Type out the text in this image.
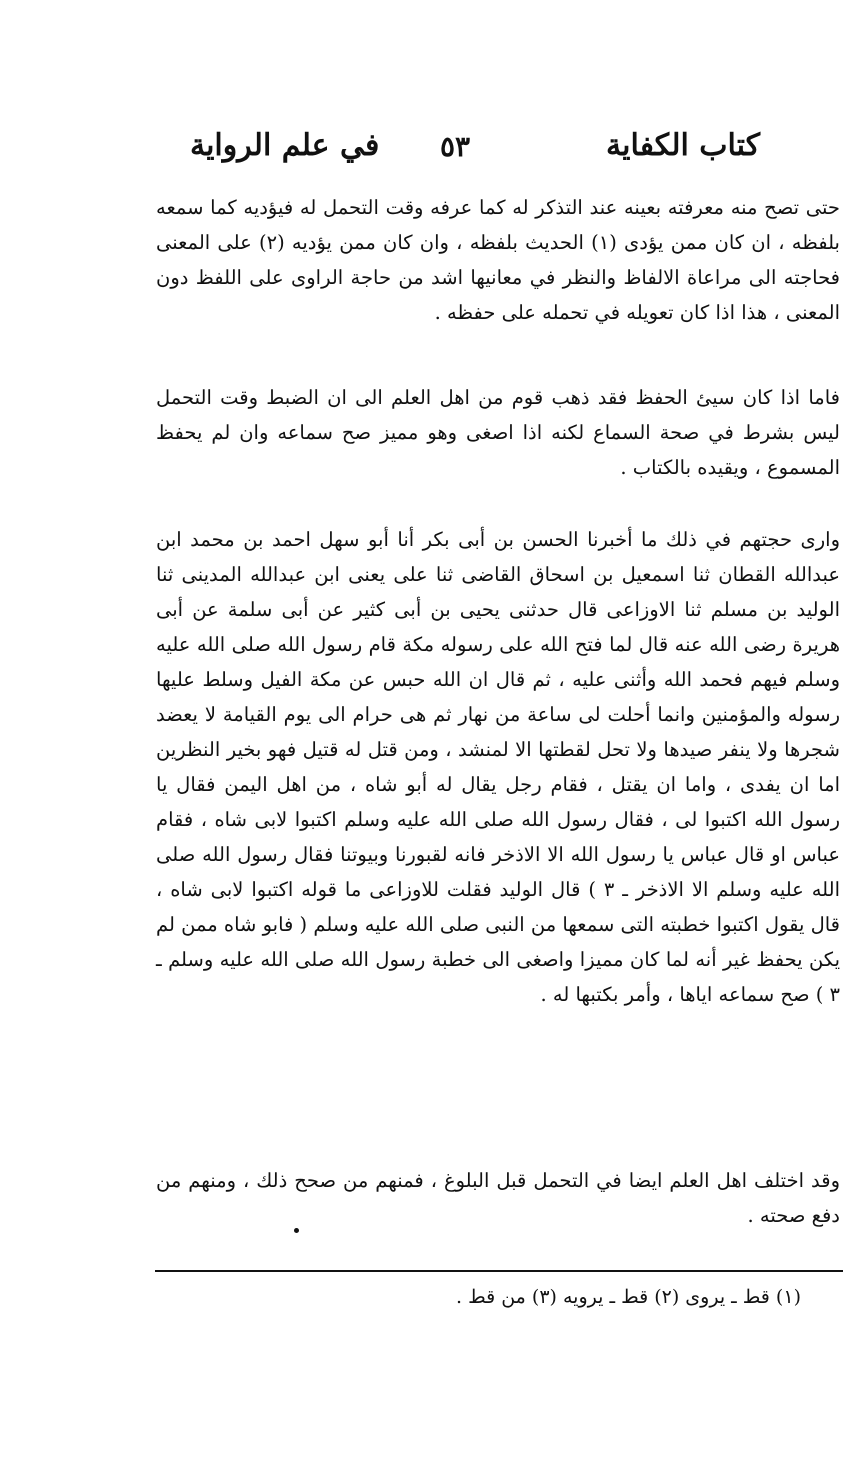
كتاب الكفاية
٥٣
في علم الرواية

حتى تصح منه معرفته بعينه عند التذكر له كما عرفه وقت التحمل له فيؤديه كما سمعه بلفظه ، ان كان ممن يؤدى (١) الحديث بلفظه ، وان كان ممن يؤديه (٢) على المعنى فحاجته الى مراعاة الالفاظ والنظر في معانيها اشد من حاجة الراوى على اللفظ دون المعنى ، هذا اذا كان تعويله في تحمله على حفظه .

فاما اذا كان سيئ الحفظ فقد ذهب قوم من اهل العلم الى ان الضبط وقت التحمل ليس بشرط في صحة السماع لكنه اذا اصغى وهو مميز صح سماعه وان لم يحفظ المسموع ، ويقيده بالكتاب .

وارى حجتهم في ذلك ما أخبرنا الحسن بن أبى بكر أنا أبو سهل احمد بن محمد ابن عبدالله القطان ثنا اسمعيل بن اسحاق القاضى ثنا على يعنى ابن عبدالله المدينى ثنا الوليد بن مسلم ثنا الاوزاعى قال حدثنى يحيى بن أبى كثير عن أبى سلمة عن أبى هريرة رضى الله عنه قال لما فتح الله على رسوله مكة قام رسول الله صلى الله عليه وسلم فيهم فحمد الله وأثنى عليه ، ثم قال ان الله حبس عن مكة الفيل وسلط عليها رسوله والمؤمنين وانما أحلت لى ساعة من نهار ثم هى حرام الى يوم القيامة لا يعضد شجرها ولا ينفر صيدها ولا تحل لقطتها الا لمنشد ، ومن قتل له قتيل فهو بخير النظرين اما ان يفدى ، واما ان يقتل ، فقام رجل يقال له أبو شاه ، من اهل اليمن فقال يا رسول الله اكتبوا لى ، فقال رسول الله صلى الله عليه وسلم اكتبوا لابى شاه ، فقام عباس او قال عباس يا رسول الله الا الاذخر فانه لقبورنا وبيوتنا فقال رسول الله صلى الله عليه وسلم الا الاذخر ـ ٣ ) قال الوليد فقلت للاوزاعى ما قوله اكتبوا لابى شاه ، قال يقول اكتبوا خطبته التى سمعها من النبى صلى الله عليه وسلم ( فابو شاه ممن لم يكن يحفظ غير أنه لما كان مميزا واصغى الى خطبة رسول الله صلى الله عليه وسلم ـ ٣ ) صح سماعه اياها ، وأمر بكتبها له .

وقد اختلف اهل العلم ايضا في التحمل قبل البلوغ ، فمنهم من صحح ذلك ، ومنهم من دفع صحته .

(١) قط ـ يروى (٢) قط ـ يرويه (٣) من قط .
